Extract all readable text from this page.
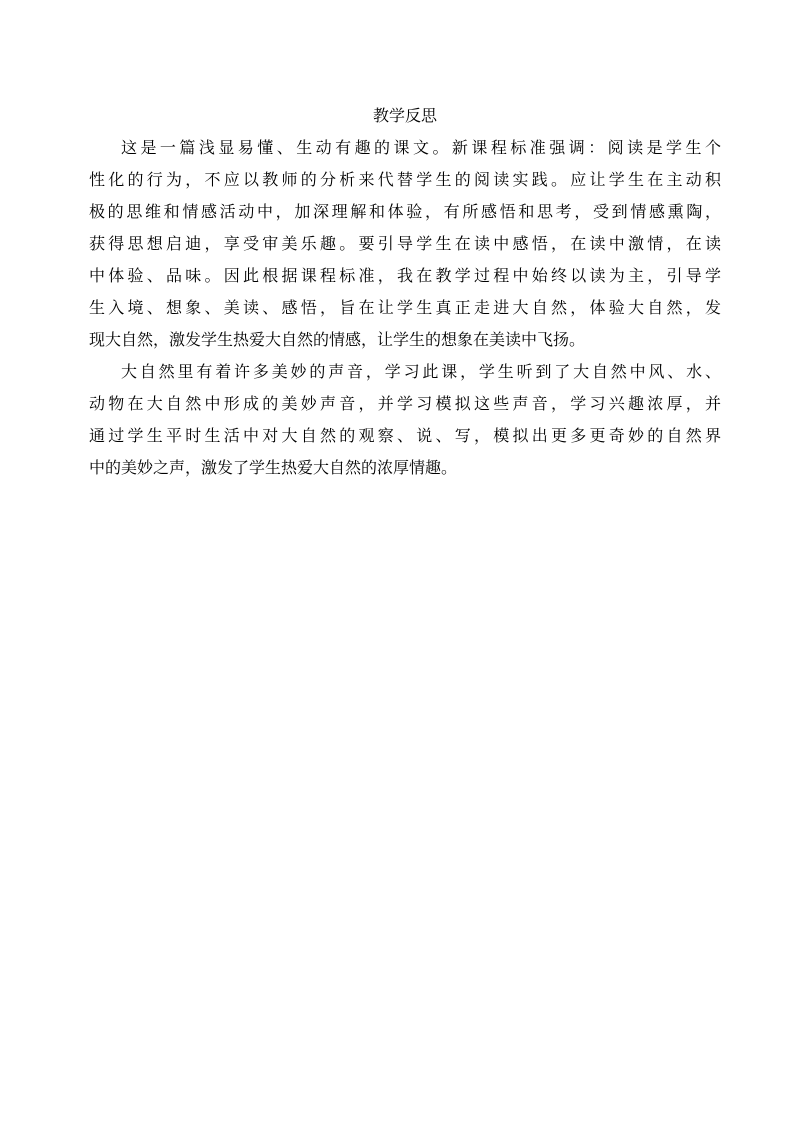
教学反思
这是一篇浅显易懂、生动有趣的课文。新课程标准强调：阅读是学生个
性化的行为，不应以教师的分析来代替学生的阅读实践。应让学生在主动积
极的思维和情感活动中，加深理解和体验，有所感悟和思考，受到情感熏陶，
获得思想启迪，享受审美乐趣。要引导学生在读中感悟，在读中激情，在读
中体验、品味。因此根据课程标准，我在教学过程中始终以读为主，引导学
生入境、想象、美读、感悟，旨在让学生真正走进大自然，体验大自然，发
现大自然，激发学生热爱大自然的情感，让学生的想象在美读中飞扬。
大自然里有着许多美妙的声音，学习此课，学生听到了大自然中风、水、
动物在大自然中形成的美妙声音，并学习模拟这些声音，学习兴趣浓厚，并
通过学生平时生活中对大自然的观察、说、写，模拟出更多更奇妙的自然界
中的美妙之声，激发了学生热爱大自然的浓厚情趣。
